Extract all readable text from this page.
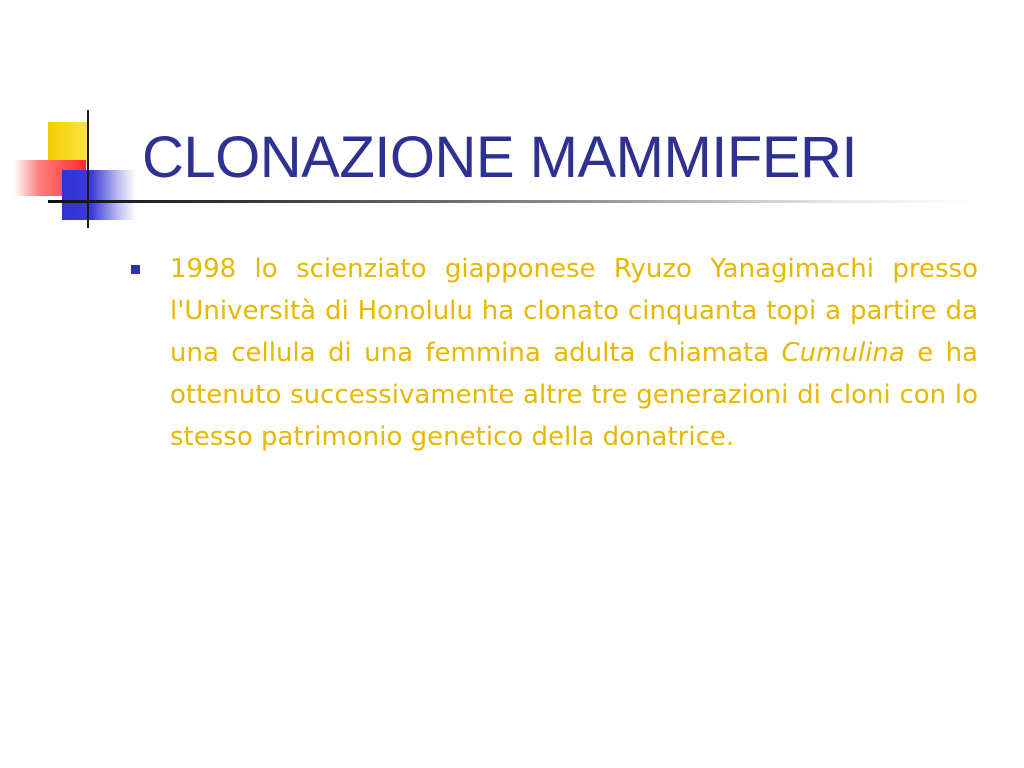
CLONAZIONE MAMMIFERI

1998 lo scienziato giapponese Ryuzo Yanagimachi presso l'Università di Honolulu ha clonato cinquanta topi a partire da una cellula di una femmina adulta chiamata Cumulina e ha ottenuto successivamente altre tre generazioni di cloni con lo stesso patrimonio genetico della donatrice.
